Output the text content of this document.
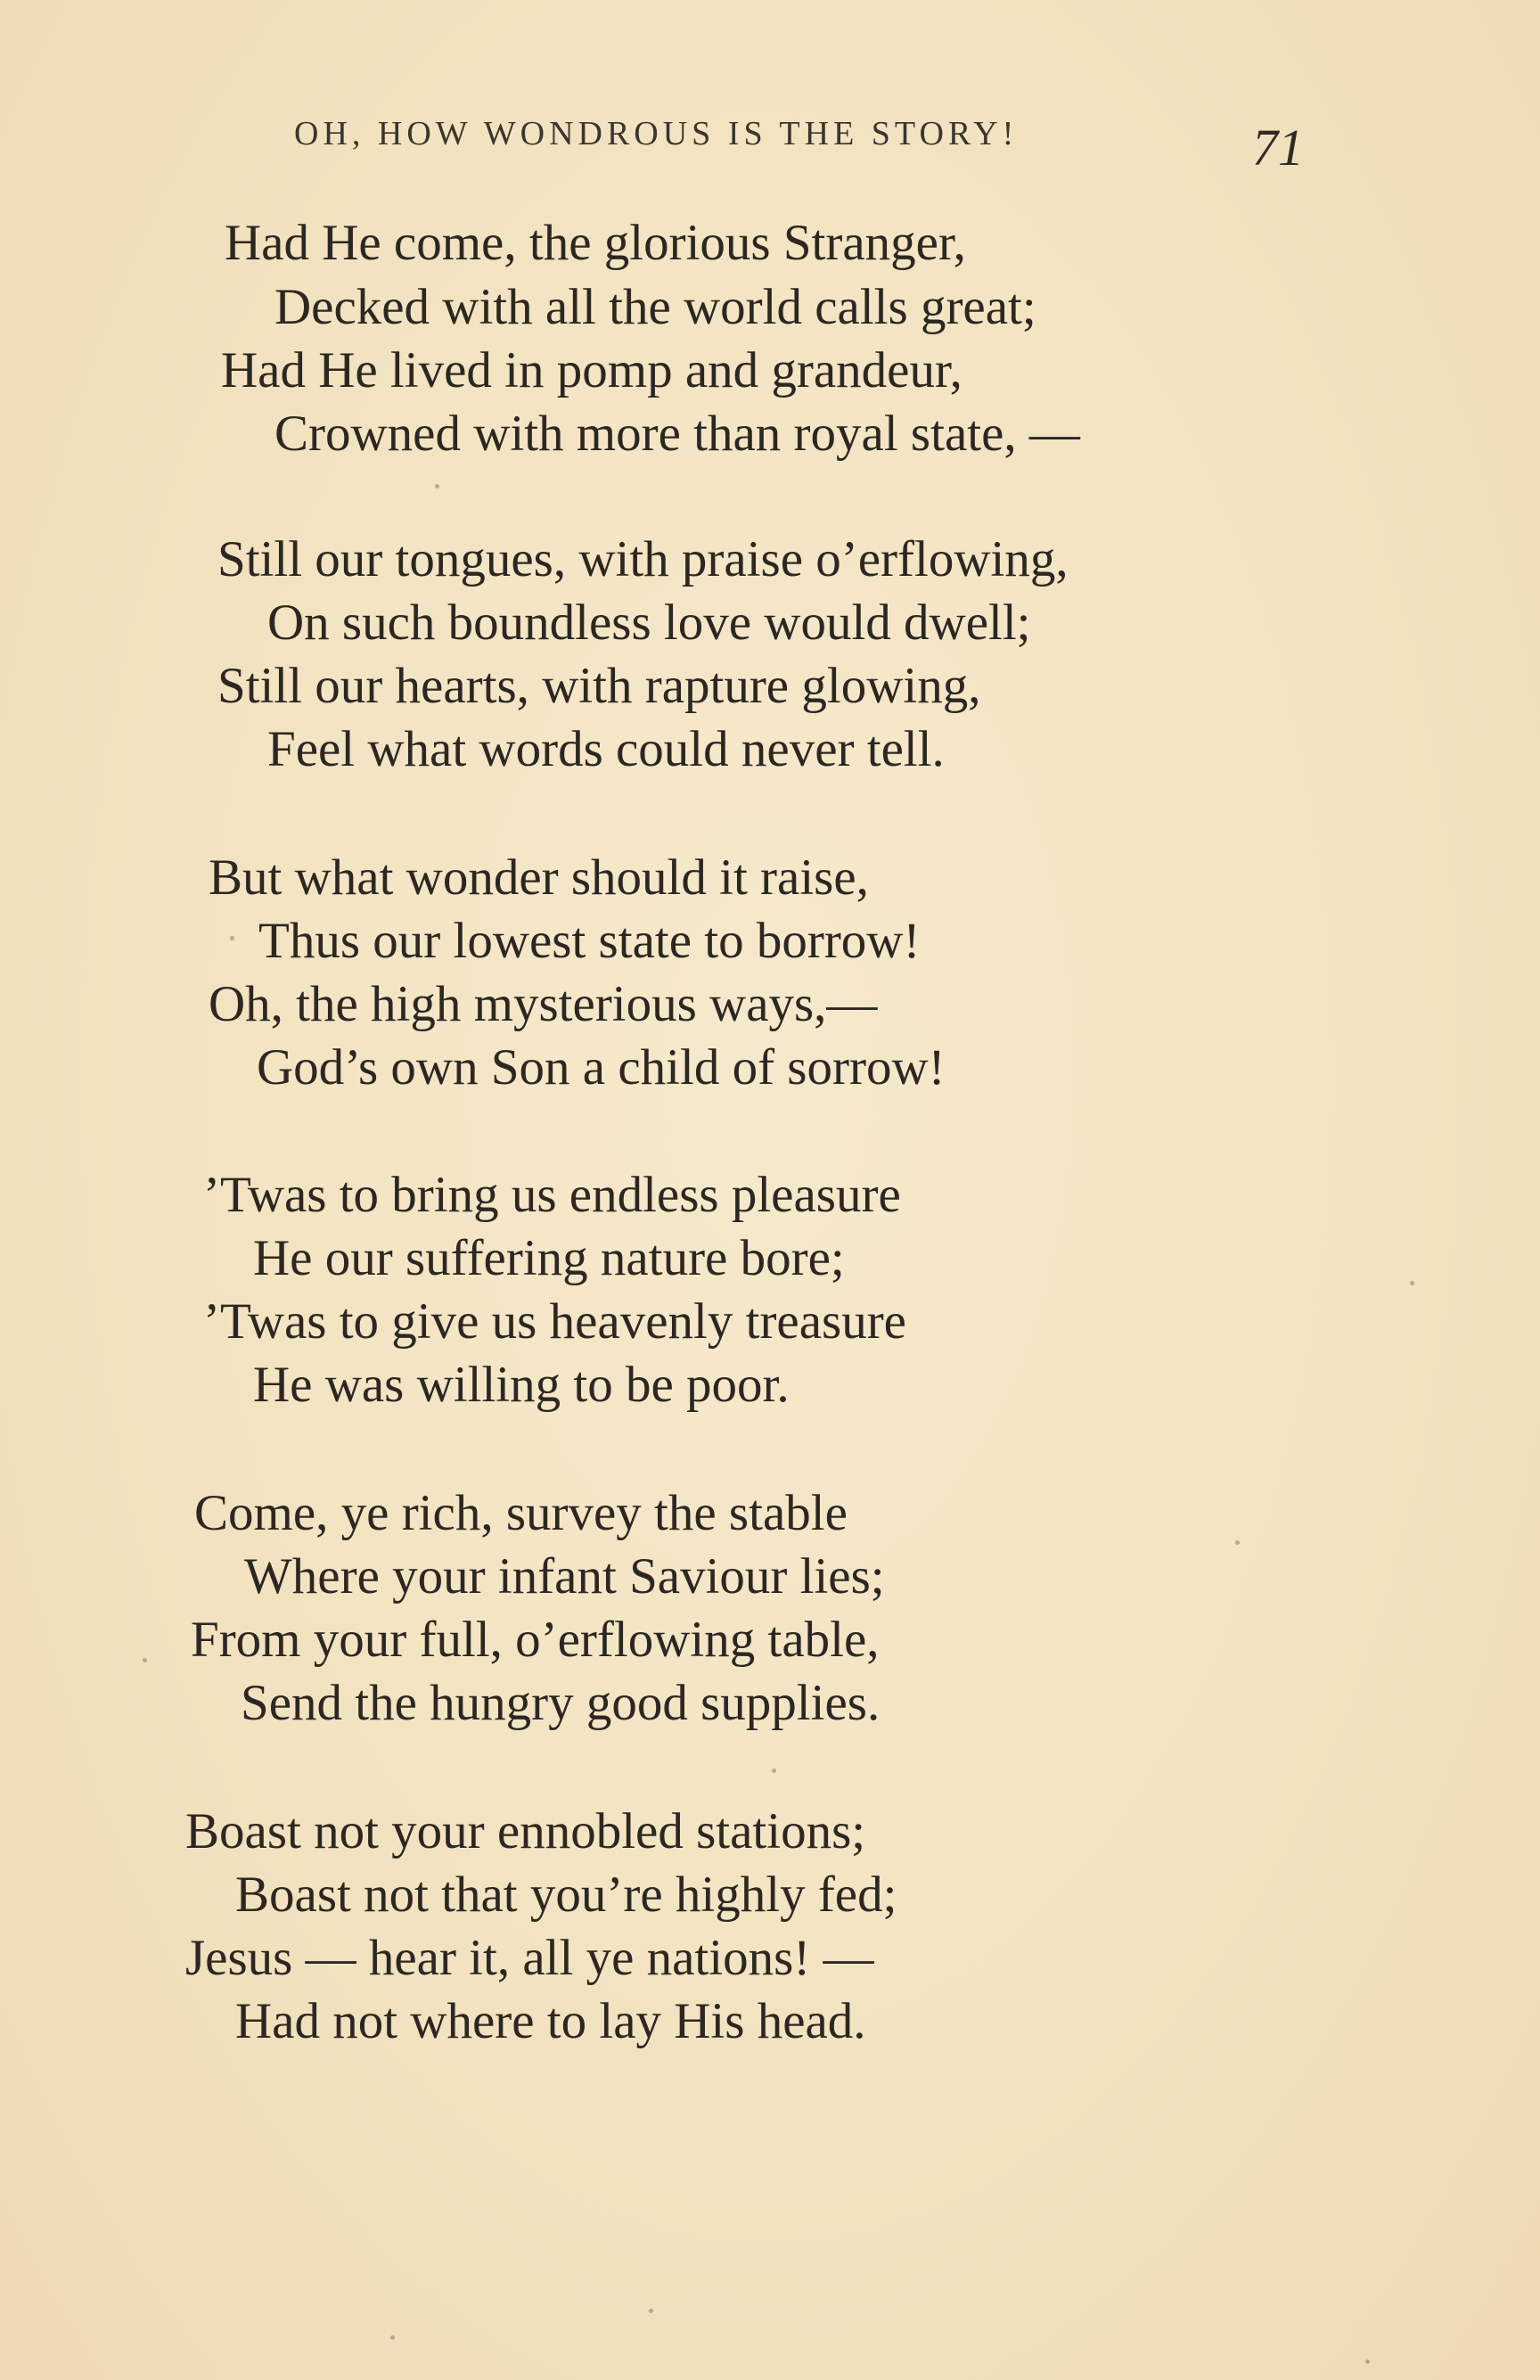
OH, HOW WONDROUS IS THE STORY!	71
Had He come, the glorious Stranger,
Decked with all the world calls great;
Had He lived in pomp and grandeur,
Crowned with more than royal state, —
Still our tongues, with praise o’erflowing,
On such boundless love would dwell;
Still our hearts, with rapture glowing,
Feel what words could never tell.
But what wonder should it raise,
Thus our lowest state to borrow!
Oh, the high mysterious ways,—
God’s own Son a child of sorrow!
’Twas to bring us endless pleasure
He our suffering nature bore;
’Twas to give us heavenly treasure
He was willing to be poor.
Come, ye rich, survey the stable
Where your infant Saviour lies;
From your full, o’erflowing table,
Send the hungry good supplies.
Boast not your ennobled stations;
Boast not that you’re highly fed;
Jesus — hear it, all ye nations! —
Had not where to lay His head.
